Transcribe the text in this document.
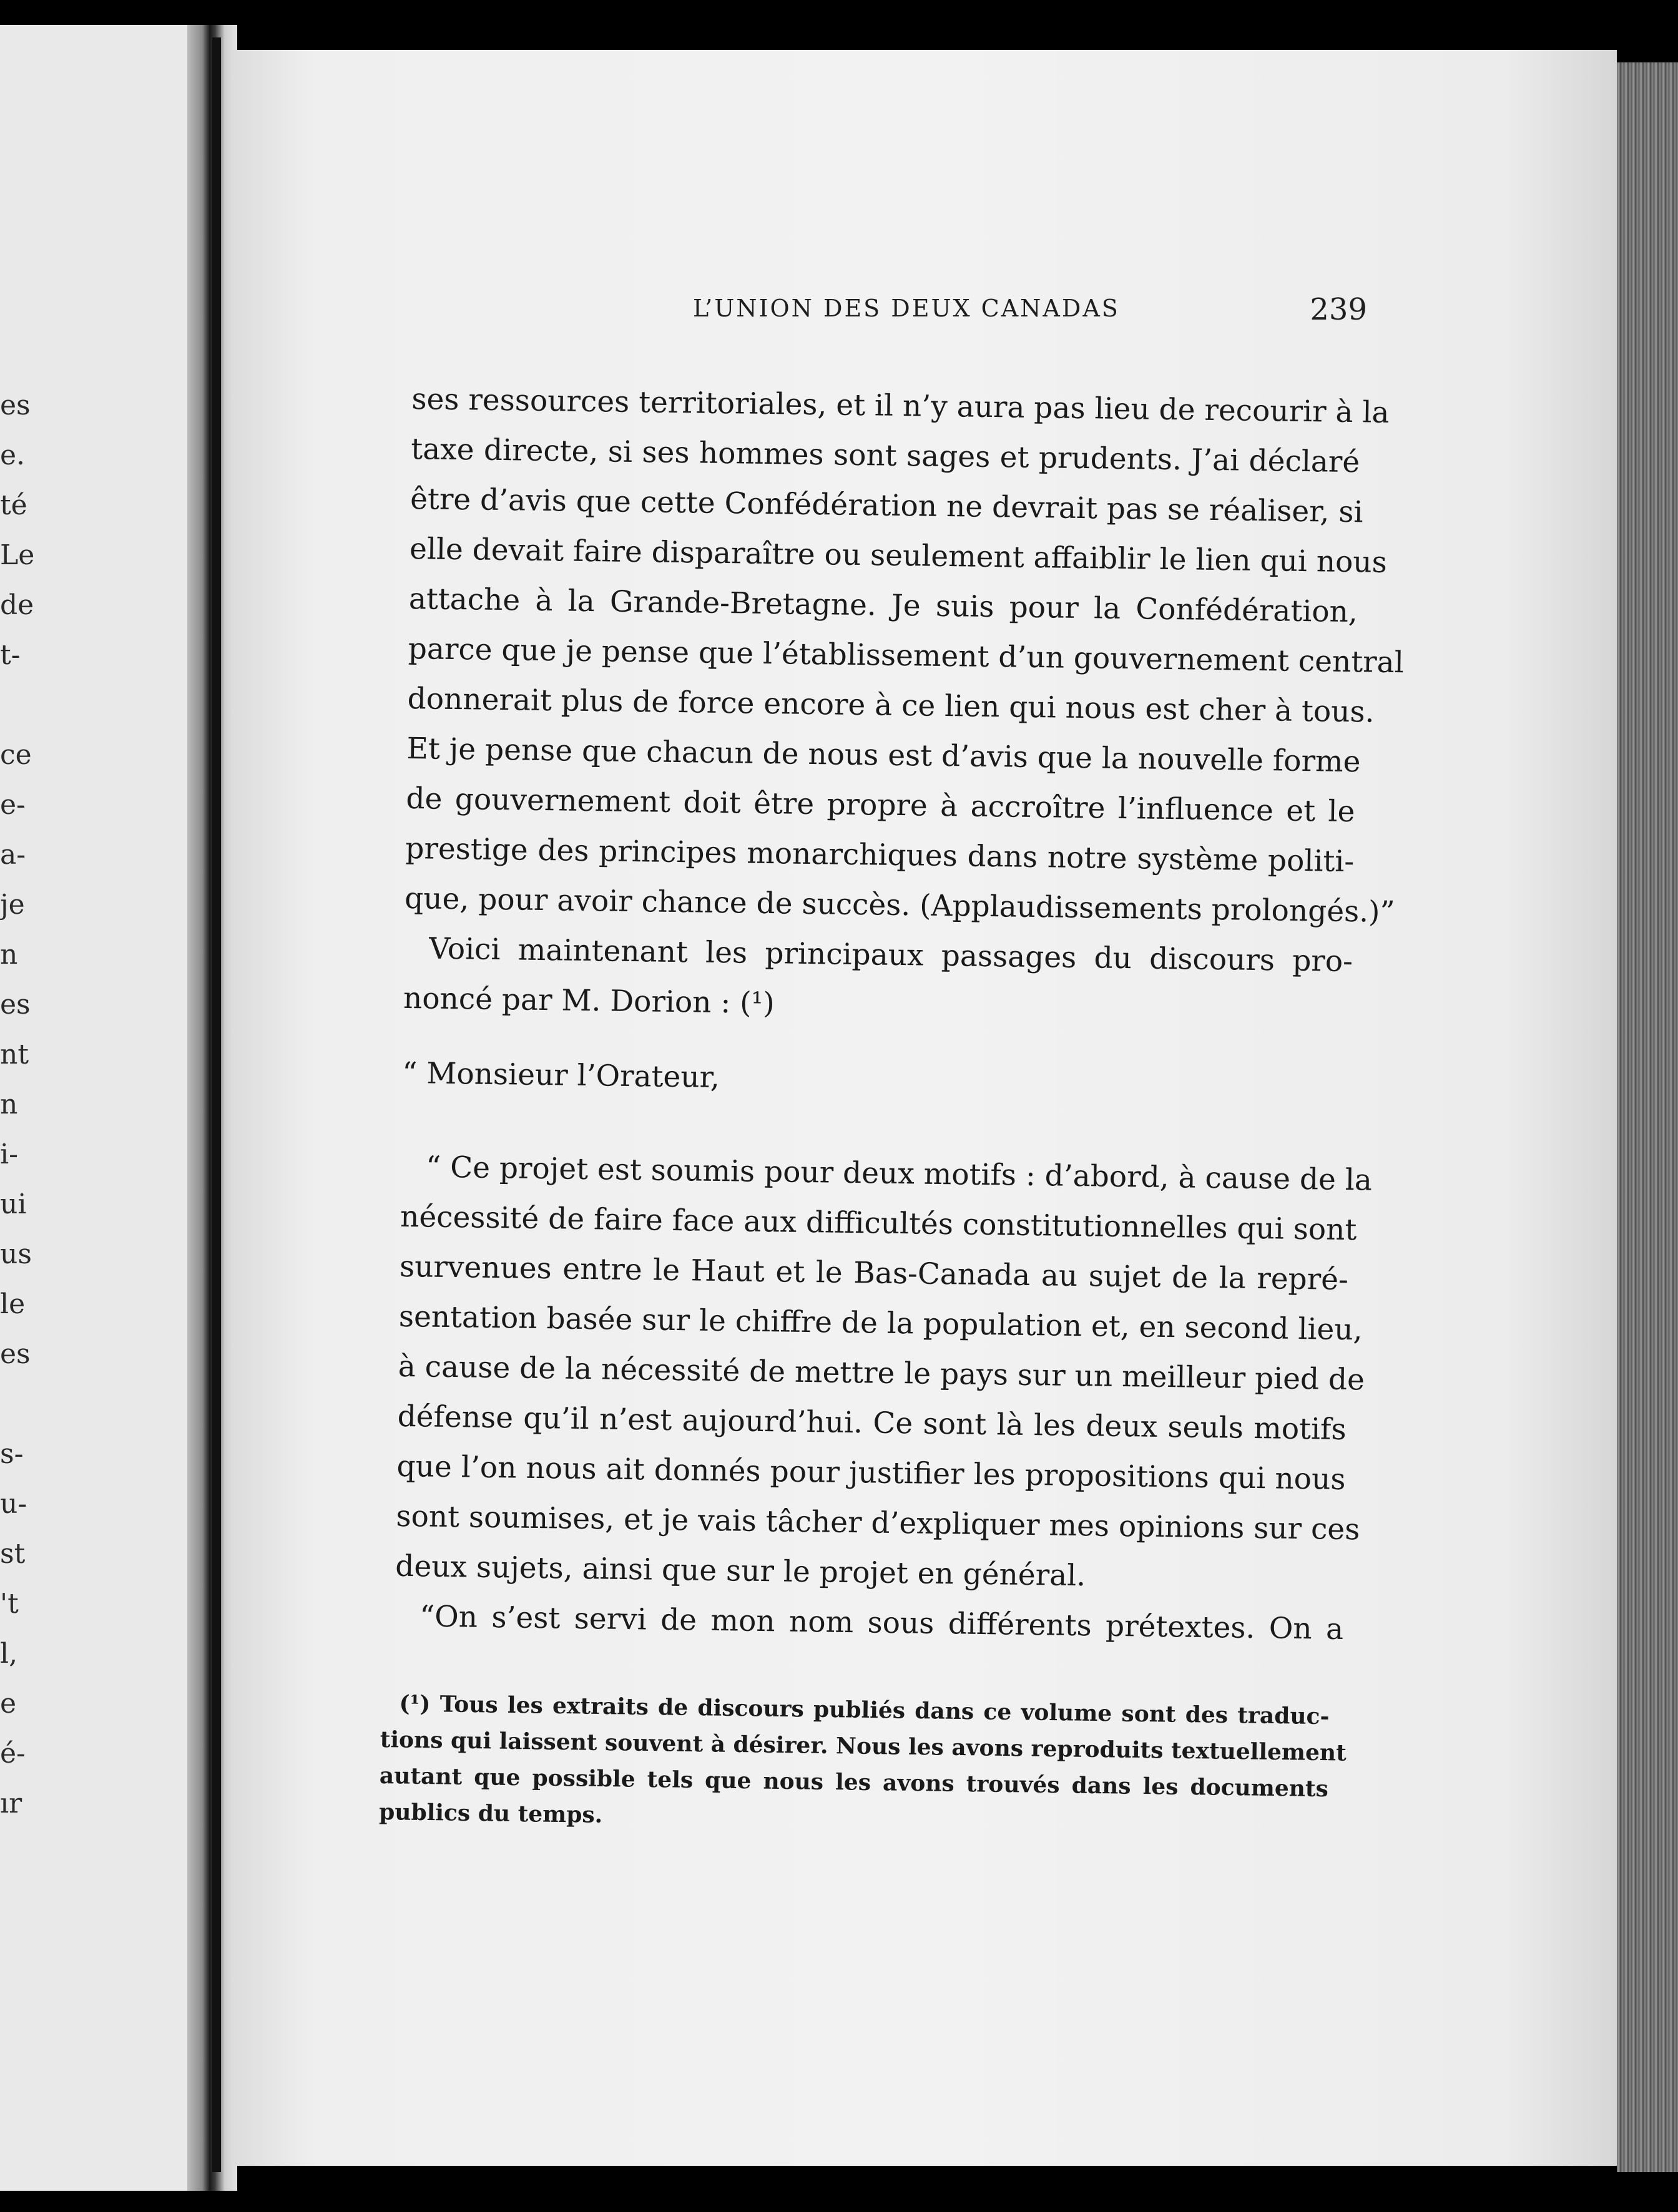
es
e.
té
Le
de
t-
ce
e-
a-
je
n
es
nt
n
i-
ui
us
le
es
s-
u-
st
't
l,
e
é-
ır
L’UNION DES DEUX CANADAS	239
ses ressources territoriales, et il n’y aura pas lieu de recourir à la
taxe directe, si ses hommes sont sages et prudents. J’ai déclaré
être d’avis que cette Confédération ne devrait pas se réaliser, si
elle devait faire disparaître ou seulement affaiblir le lien qui nous
attache à la Grande-Bretagne. Je suis pour la Confédération,
parce que je pense que l’établissement d’un gouvernement central
donnerait plus de force encore à ce lien qui nous est cher à tous.
Et je pense que chacun de nous est d’avis que la nouvelle forme
de gouvernement doit être propre à accroître l’influence et le
prestige des principes monarchiques dans notre système politi-
que, pour avoir chance de succès. (Applaudissements prolongés.)”
Voici maintenant les principaux passages du discours pro-
noncé par M. Dorion : (¹)
“ Monsieur l’Orateur,
“ Ce projet est soumis pour deux motifs : d’abord, à cause de la
nécessité de faire face aux difficultés constitutionnelles qui sont
survenues entre le Haut et le Bas-Canada au sujet de la repré-
sentation basée sur le chiffre de la population et, en second lieu,
à cause de la nécessité de mettre le pays sur un meilleur pied de
défense qu’il n’est aujourd’hui. Ce sont là les deux seuls motifs
que l’on nous ait donnés pour justifier les propositions qui nous
sont soumises, et je vais tâcher d’expliquer mes opinions sur ces
deux sujets, ainsi que sur le projet en général.
“On s’est servi de mon nom sous différents prétextes. On a
(¹) Tous les extraits de discours publiés dans ce volume sont des traduc-
tions qui laissent souvent à désirer. Nous les avons reproduits textuellement
autant que possible tels que nous les avons trouvés dans les documents
publics du temps.
